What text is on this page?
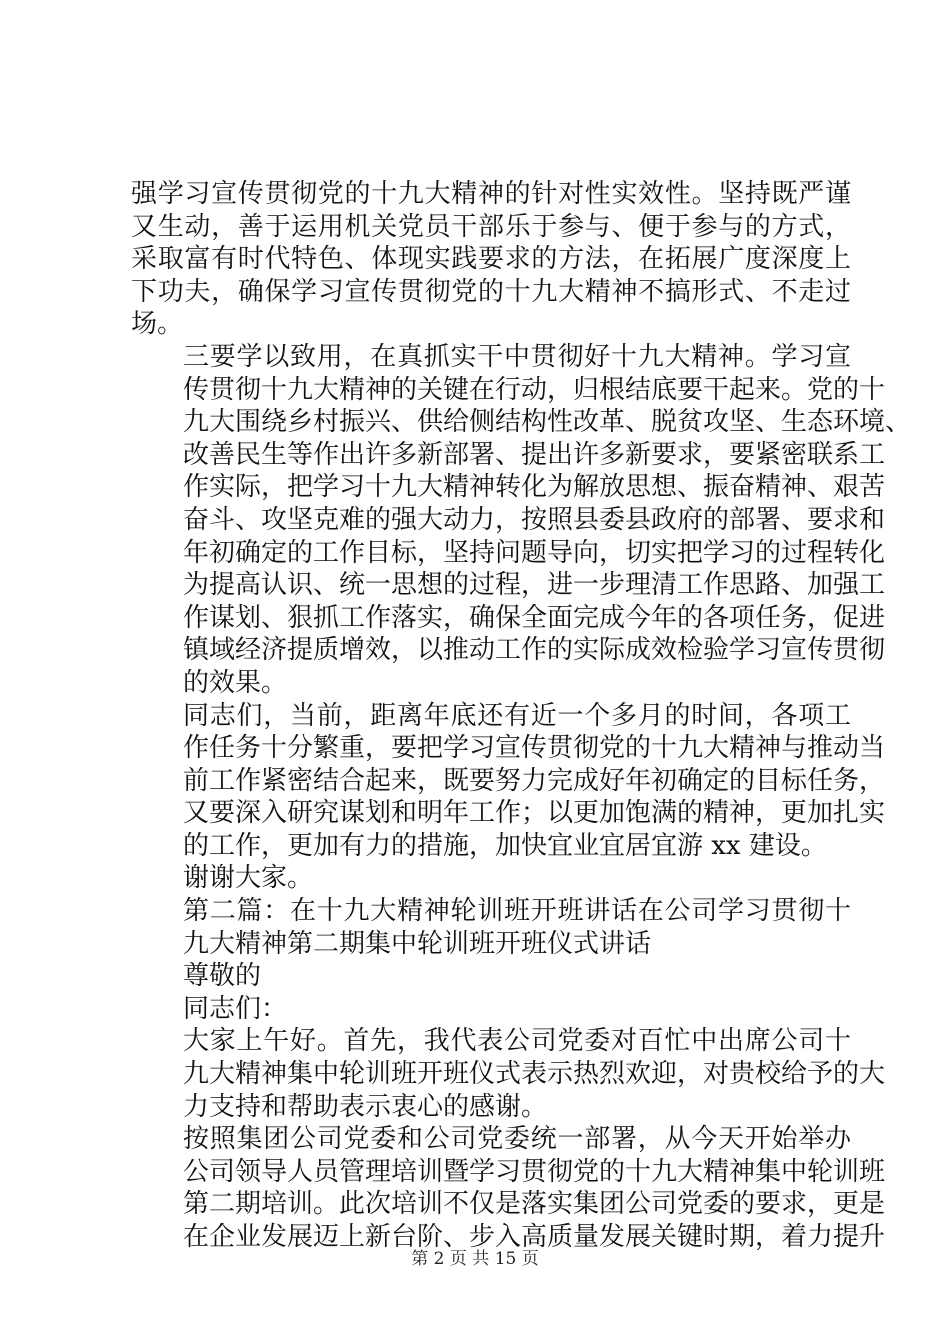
强学习宣传贯彻党的十九大精神的针对性实效性。坚持既严谨
又生动，善于运用机关党员干部乐于参与、便于参与的方式，
采取富有时代特色、体现实践要求的方法，在拓展广度深度上
下功夫，确保学习宣传贯彻党的十九大精神不搞形式、不走过
场。

三要学以致用，在真抓实干中贯彻好十九大精神。学习宣
传贯彻十九大精神的关键在行动，归根结底要干起来。党的十
九大围绕乡村振兴、供给侧结构性改革、脱贫攻坚、生态环境、
改善民生等作出许多新部署、提出许多新要求，要紧密联系工
作实际，把学习十九大精神转化为解放思想、振奋精神、艰苦
奋斗、攻坚克难的强大动力，按照县委县政府的部署、要求和
年初确定的工作目标，坚持问题导向，切实把学习的过程转化
为提高认识、统一思想的过程，进一步理清工作思路、加强工
作谋划、狠抓工作落实，确保全面完成今年的各项任务，促进
镇域经济提质增效，以推动工作的实际成效检验学习宣传贯彻
的效果。

同志们，当前，距离年底还有近一个多月的时间，各项工
作任务十分繁重，要把学习宣传贯彻党的十九大精神与推动当
前工作紧密结合起来，既要努力完成好年初确定的目标任务，
又要深入研究谋划和明年工作；以更加饱满的精神，更加扎实
的工作，更加有力的措施，加快宜业宜居宜游 xx 建设。

谢谢大家。

第二篇：在十九大精神轮训班开班讲话在公司学习贯彻十
九大精神第二期集中轮训班开班仪式讲话

尊敬的

同志们：

大家上午好。首先，我代表公司党委对百忙中出席公司十
九大精神集中轮训班开班仪式表示热烈欢迎，对贵校给予的大
力支持和帮助表示衷心的感谢。

按照集团公司党委和公司党委统一部署，从今天开始举办
公司领导人员管理培训暨学习贯彻党的十九大精神集中轮训班
第二期培训。此次培训不仅是落实集团公司党委的要求，更是
在企业发展迈上新台阶、步入高质量发展关键时期，着力提升

第 2 页 共 15 页
